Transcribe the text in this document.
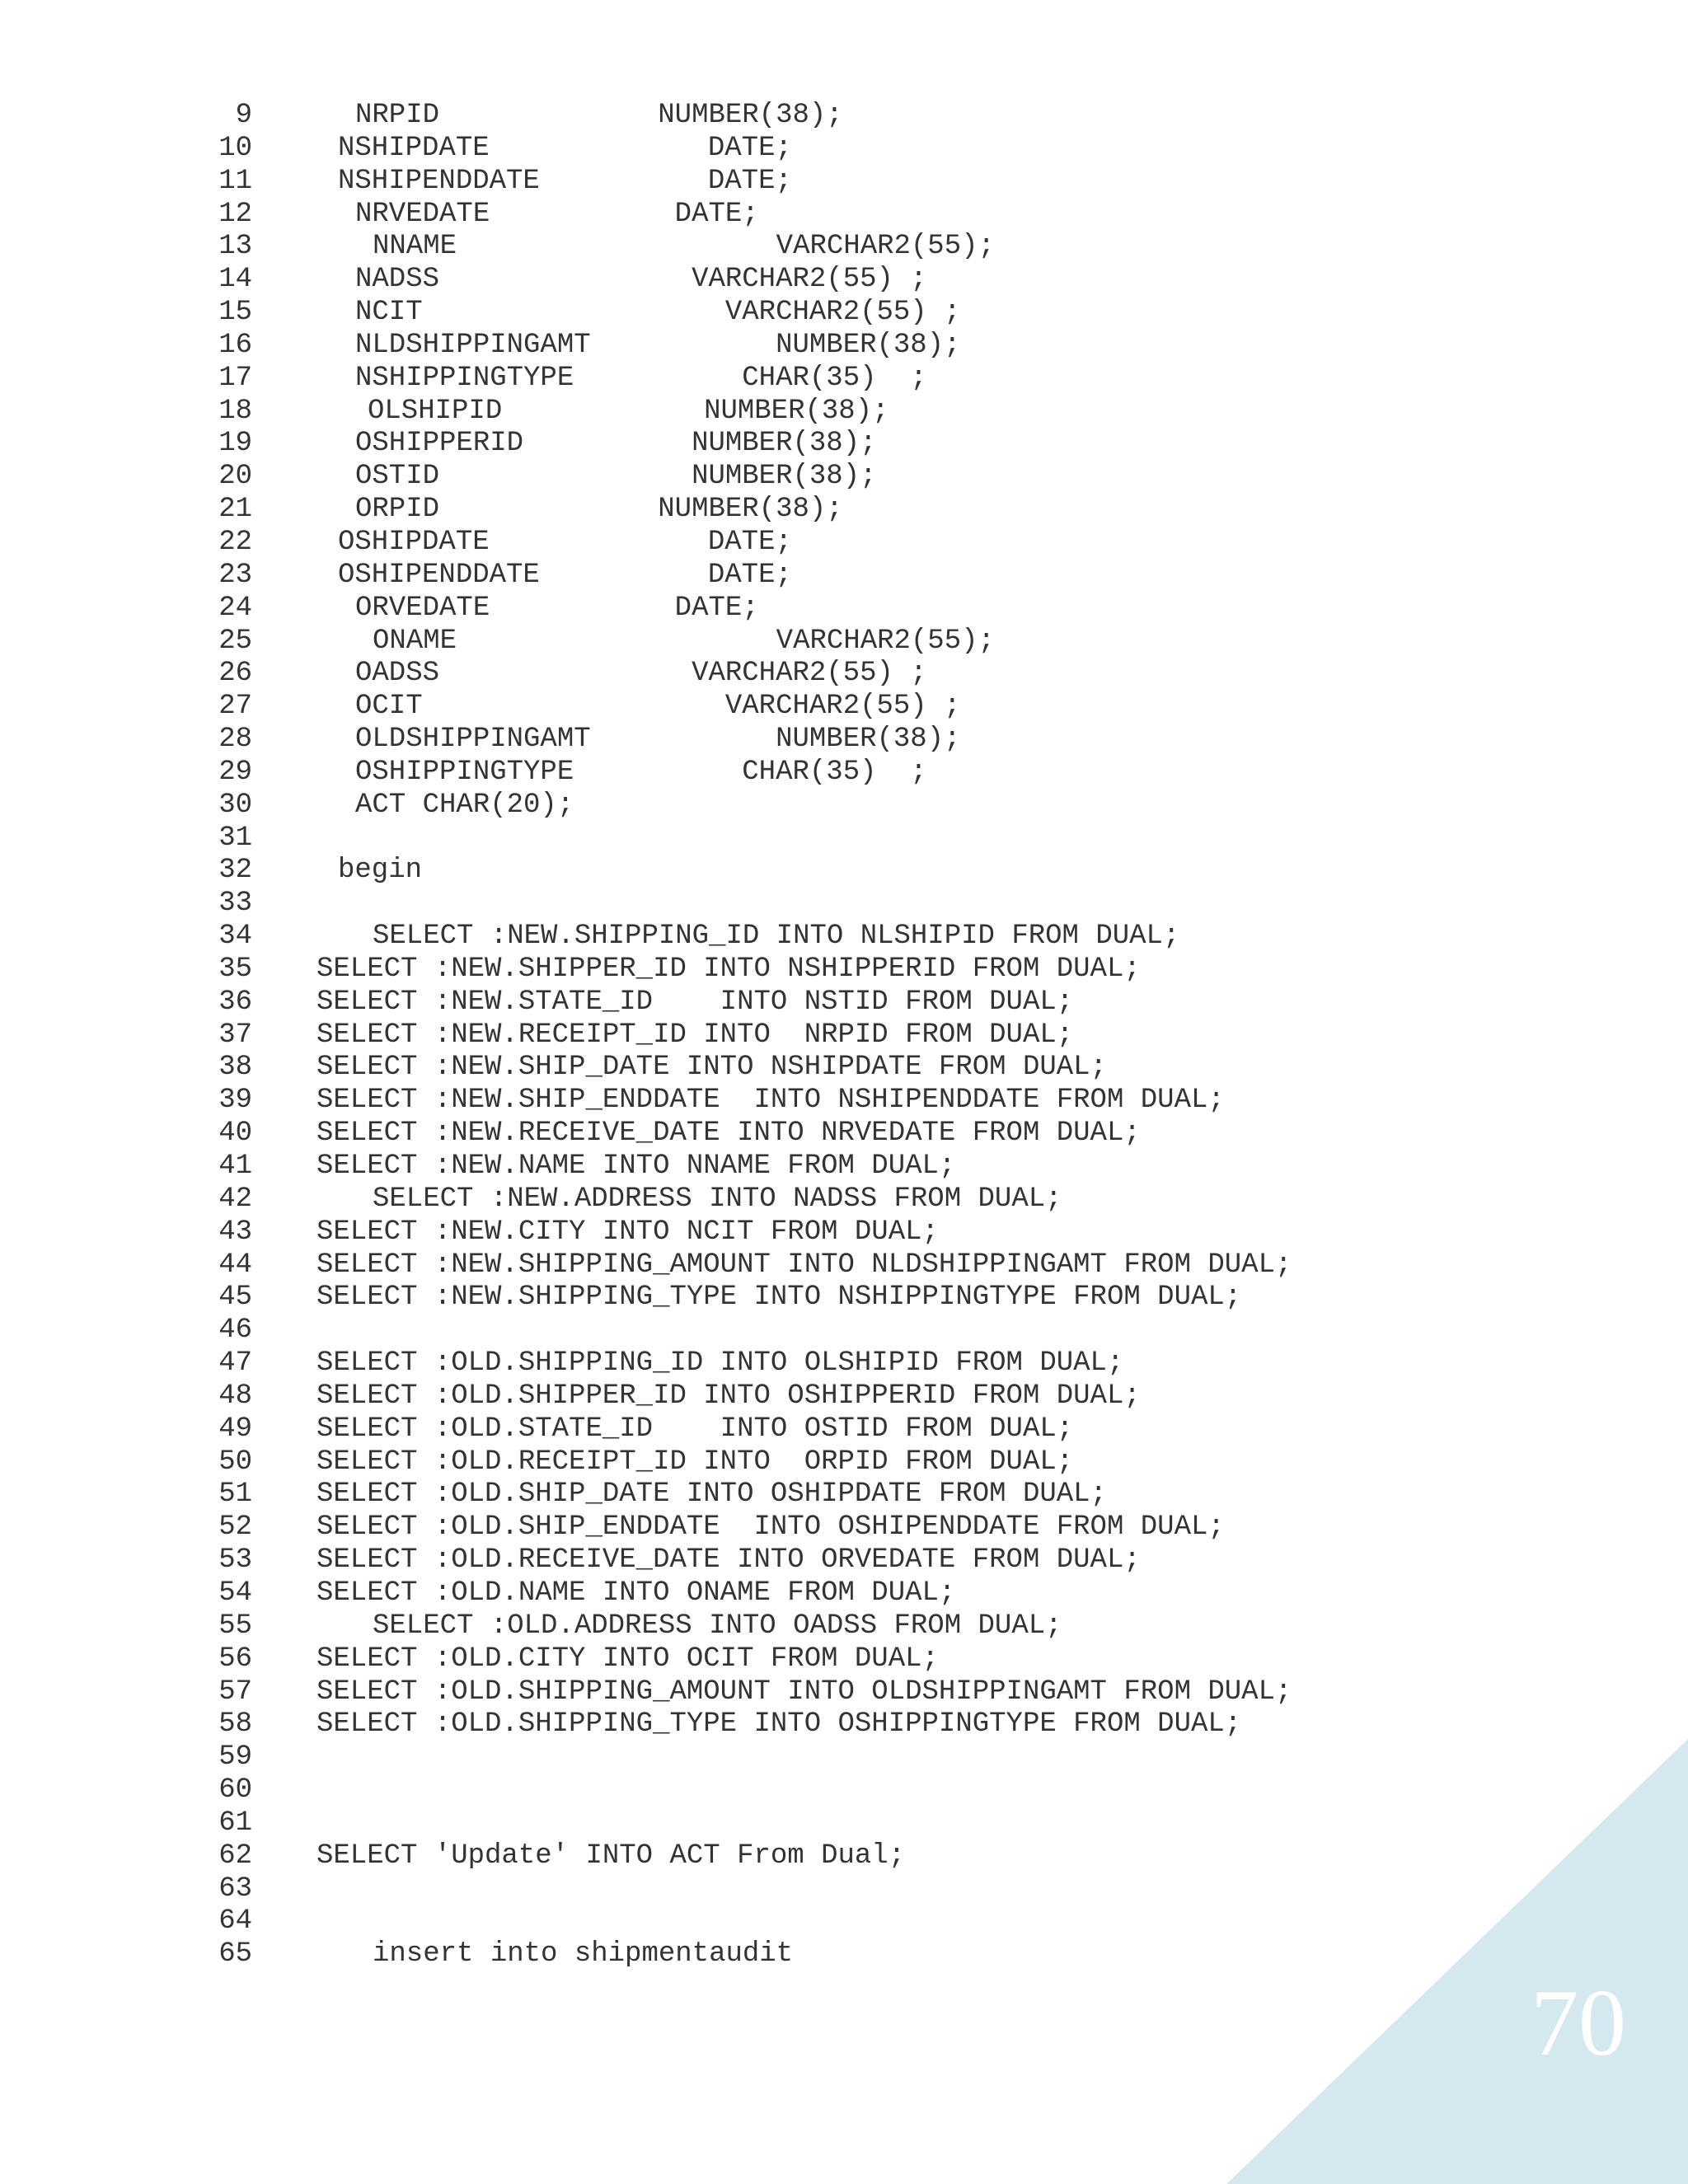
9	NRPID             NUMBER(38);
10	NSHIPDATE             DATE;
11	NSHIPENDDATE          DATE;
12	NRVEDATE           DATE;
13	NNAME                   VARCHAR2(55);
14	NADSS               VARCHAR2(55) ;
15	NCIT                  VARCHAR2(55) ;
16	NLDSHIPPINGAMT           NUMBER(38);
17	NSHIPPINGTYPE          CHAR(35)  ;
18	OLSHIPID            NUMBER(38);
19	OSHIPPERID          NUMBER(38);
20	OSTID               NUMBER(38);
21	ORPID             NUMBER(38);
22	OSHIPDATE             DATE;
23	OSHIPENDDATE          DATE;
24	ORVEDATE           DATE;
25	ONAME                   VARCHAR2(55);
26	OADSS               VARCHAR2(55) ;
27	OCIT                  VARCHAR2(55) ;
28	OLDSHIPPINGAMT           NUMBER(38);
29	OSHIPPINGTYPE          CHAR(35)  ;
30	ACT CHAR(20);
31
32	begin
33
34	SELECT :NEW.SHIPPING_ID INTO NLSHIPID FROM DUAL;
35 SELECT :NEW.SHIPPER_ID INTO NSHIPPERID FROM DUAL;
36 SELECT :NEW.STATE_ID    INTO NSTID FROM DUAL;
37 SELECT :NEW.RECEIPT_ID INTO  NRPID FROM DUAL;
38 SELECT :NEW.SHIP_DATE INTO NSHIPDATE FROM DUAL;
39 SELECT :NEW.SHIP_ENDDATE  INTO NSHIPENDDATE FROM DUAL;
40 SELECT :NEW.RECEIVE_DATE INTO NRVEDATE FROM DUAL;
41 SELECT :NEW.NAME INTO NNAME FROM DUAL;
42	SELECT :NEW.ADDRESS INTO NADSS FROM DUAL;
43 SELECT :NEW.CITY INTO NCIT FROM DUAL;
44 SELECT :NEW.SHIPPING_AMOUNT INTO NLDSHIPPINGAMT FROM DUAL;
45 SELECT :NEW.SHIPPING_TYPE INTO NSHIPPINGTYPE FROM DUAL;
46
47 SELECT :OLD.SHIPPING_ID INTO OLSHIPID FROM DUAL;
48 SELECT :OLD.SHIPPER_ID INTO OSHIPPERID FROM DUAL;
49 SELECT :OLD.STATE_ID    INTO OSTID FROM DUAL;
50 SELECT :OLD.RECEIPT_ID INTO  ORPID FROM DUAL;
51 SELECT :OLD.SHIP_DATE INTO OSHIPDATE FROM DUAL;
52 SELECT :OLD.SHIP_ENDDATE  INTO OSHIPENDDATE FROM DUAL;
53 SELECT :OLD.RECEIVE_DATE INTO ORVEDATE FROM DUAL;
54 SELECT :OLD.NAME INTO ONAME FROM DUAL;
55	SELECT :OLD.ADDRESS INTO OADSS FROM DUAL;
56 SELECT :OLD.CITY INTO OCIT FROM DUAL;
57 SELECT :OLD.SHIPPING_AMOUNT INTO OLDSHIPPINGAMT FROM DUAL;
58 SELECT :OLD.SHIPPING_TYPE INTO OSHIPPINGTYPE FROM DUAL;
59
60
61
62 SELECT 'Update' INTO ACT From Dual;
63
64
65	insert into shipmentaudit
70
